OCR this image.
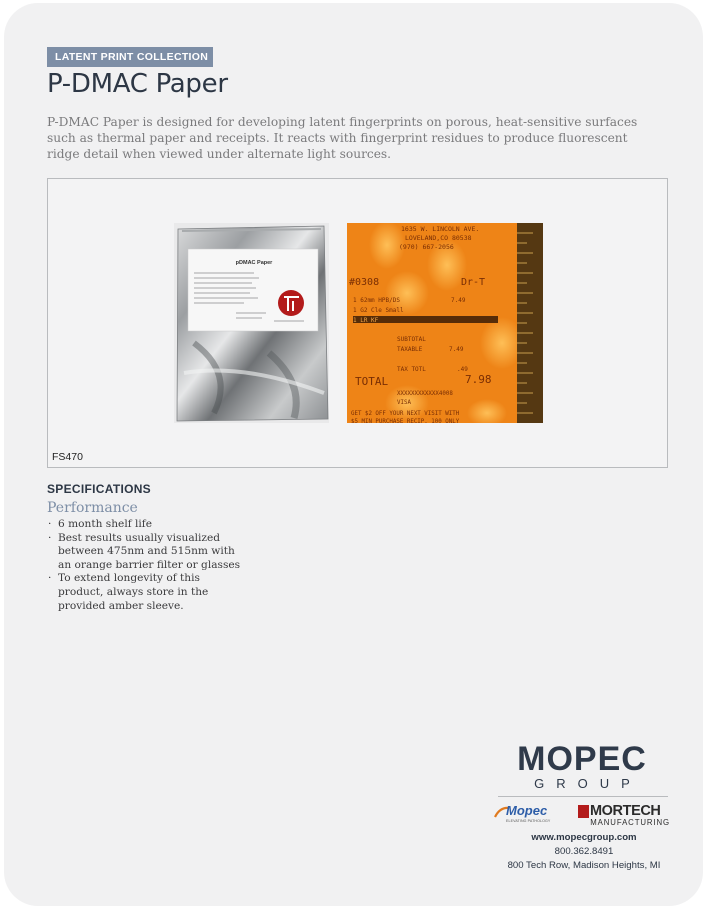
LATENT PRINT COLLECTION
P-DMAC Paper

P-DMAC Paper is designed for developing latent fingerprints on porous, heat-sensitive surfaces such as thermal paper and receipts. It reacts with fingerprint residues to produce fluorescent ridge detail when viewed under alternate light sources.

pDMAC Paper
1635 W. LINCOLN AVE.
LOVELAND,CO 80538
(970) 667-2056
#0308	Dr-T
1 62mm HPB/DS	7.49
1 G2 Cle Small
1 LR KF
SUBTOTAL
TAXABLE	7.49
TAX TOTL	.49
TOTAL	7.98
XXXXXXXXXXXX4008
VISA
GET $2 OFF YOUR NEXT VISIT WITH
$5 MIN PURCHASE RECIP. 100 ONLY
FS470
SPECIFICATIONS
Performance
· 6 month shelf life
· Best results usually visualized between 475nm and 515nm with an orange barrier filter or glasses
· To extend longevity of this product, always store in the provided amber sleeve.
MOPEC
GROUP
Mopec
ELEVATING PATHOLOGY
MORTECH
MANUFACTURING
www.mopecgroup.com
800.362.8491
800 Tech Row, Madison Heights, MI
